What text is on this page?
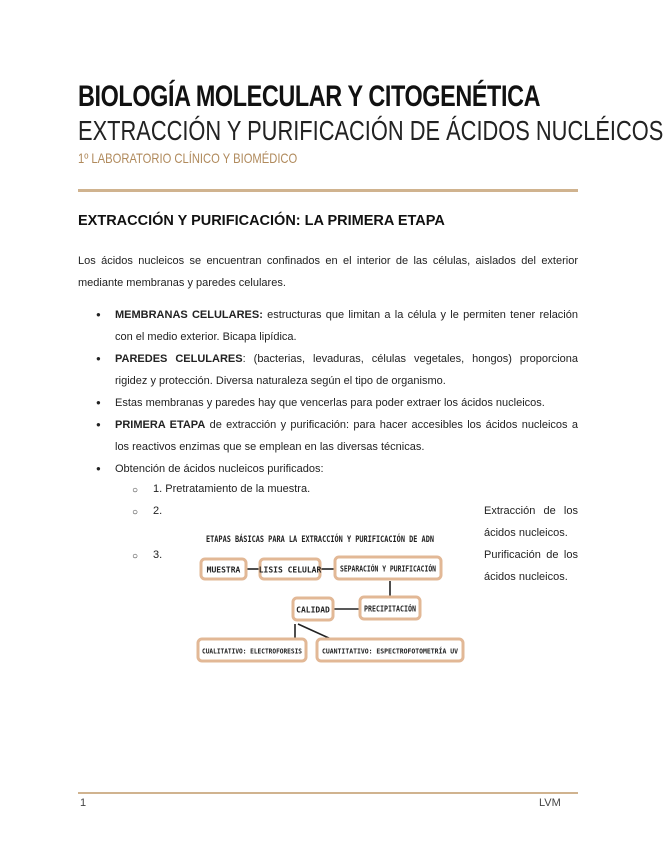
BIOLOGÍA MOLECULAR Y CITOGENÉTICA
EXTRACCIÓN Y PURIFICACIÓN DE ÁCIDOS NUCLÉICOS
1º LABORATORIO CLÍNICO Y BIOMÉDICO
EXTRACCIÓN Y PURIFICACIÓN: LA PRIMERA ETAPA
Los ácidos nucleicos se encuentran confinados en el interior de las células, aislados del exterior mediante membranas y paredes celulares.
● MEMBRANAS CELULARES: estructuras que limitan a la célula y le permiten tener relación con el medio exterior. Bicapa lipídica.
● PAREDES CELULARES: (bacterias, levaduras, células vegetales, hongos) proporciona rigidez y protección. Diversa naturaleza según el tipo de organismo.
● Estas membranas y paredes hay que vencerlas para poder extraer los ácidos nucleicos.
● PRIMERA ETAPA de extracción y purificación: para hacer accesibles los ácidos nucleicos a los reactivos enzimas que se emplean en las diversas técnicas.
● Obtención de ácidos nucleicos purificados:
○ 1. Pretratamiento de la muestra.
○ 2.
○ 3.
Extracción de los ácidos nucleicos.
Purificación de los ácidos nucleicos.
ETAPAS BÁSICAS PARA LA EXTRACCIÓN Y PURIFICACIÓN DE ADN
MUESTRA LISIS CELULAR SEPARACIÓN Y PURIFICACIÓN
CALIDAD	PRECIPITACIÓN
CUALITATIVO: ELECTROFORESIS	CUANTITATIVO: ESPECTROFOTOMETRÍA UV
1	LVM
